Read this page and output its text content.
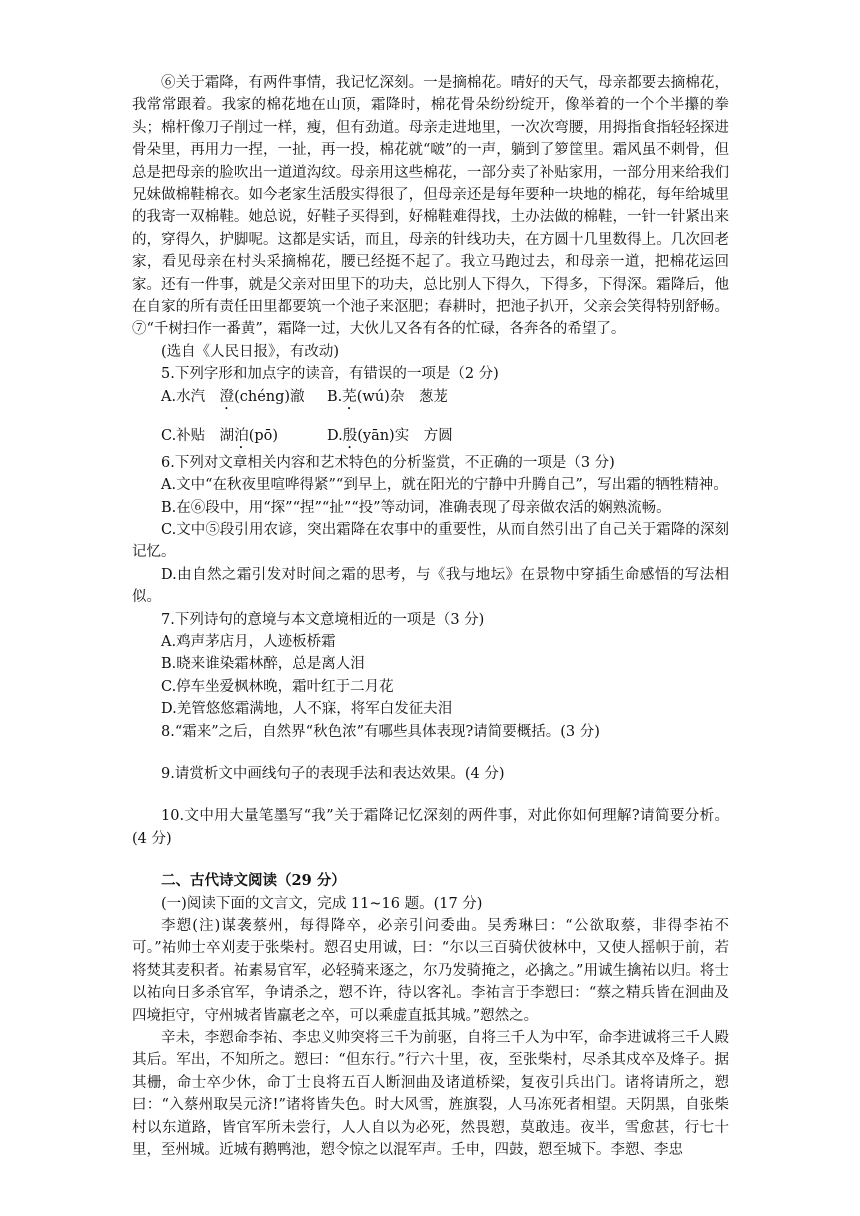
⑥关于霜降，有两件事情，我记忆深刻。一是摘棉花。晴好的天气，母亲都要去摘棉花，我常常跟着。我家的棉花地在山顶，霜降时，棉花骨朵纷纷绽开，像举着的一个个半攥的拳头；棉杆像刀子削过一样，瘦，但有劲道。母亲走进地里，一次次弯腰，用拇指食指轻轻探进骨朵里，再用力一捏，一扯，再一投，棉花就“啵”的一声，躺到了箩筐里。霜风虽不刺骨，但总是把母亲的脸吹出一道道沟纹。母亲用这些棉花，一部分卖了补贴家用，一部分用来给我们兄妹做棉鞋棉衣。如今老家生活殷实得很了，但母亲还是每年要种一块地的棉花，每年给城里的我寄一双棉鞋。她总说，好鞋子买得到，好棉鞋难得找，土办法做的棉鞋，一针一针紧出来的，穿得久，护脚呢。这都是实话，而且，母亲的针线功夫，在方圆十几里数得上。几次回老家，看见母亲在村头采摘棉花，腰已经挺不起了。我立马跑过去，和母亲一道，把棉花运回家。还有一件事，就是父亲对田里下的功夫，总比别人下得久，下得多，下得深。霜降后，他在自家的所有责任田里都要筑一个池子来沤肥；春耕时，把池子扒开，父亲会笑得特别舒畅。⑦“千树扫作一番黄”，霜降一过，大伙儿又各有各的忙碌，各奔各的希望了。

(选自《人民日报》，有改动)

5.下列字形和加点字的读音，有错误的一项是（2 分)

A.水汽　澄(chéng)澈	B.芜(wú)杂　葱茏
C.补贴　湖泊(pō)	D.殷(yān)实　方圆

6.下列对文章相关内容和艺术特色的分析鉴赏，不正确的一项是（3 分)

A.文中“在秋夜里喧哗得紧”“到早上，就在阳光的宁静中升腾自己”，写出霜的牺牲精神。

B.在⑥段中，用“探”“捏”“扯”“投”等动词，准确表现了母亲做农活的娴熟流畅。

C.文中⑤段引用农谚，突出霜降在农事中的重要性，从而自然引出了自己关于霜降的深刻记忆。

D.由自然之霜引发对时间之霜的思考，与《我与地坛》在景物中穿插生命感悟的写法相似。

7.下列诗句的意境与本文意境相近的一项是（3 分)

A.鸡声茅店月，人迹板桥霜

B.晓来谁染霜林醉，总是离人泪

C.停车坐爱枫林晚，霜叶红于二月花

D.羌管悠悠霜满地，人不寐，将军白发征夫泪

8.“霜来”之后，自然界“秋色浓”有哪些具体表现?请简要概括。(3 分)

9.请赏析文中画线句子的表现手法和表达效果。(4 分)

10.文中用大量笔墨写“我”关于霜降记忆深刻的两件事，对此你如何理解?请简要分析。(4 分)

二、古代诗文阅读（29 分）

(一)阅读下面的文言文，完成 11~16 题。(17 分)

李愬(注)谋袭蔡州，每得降卒，必亲引问委曲。吴秀琳曰：“公欲取蔡，非得李祐不可。”祐帅士卒刈麦于张柴村。愬召史用诚，曰：“尔以三百骑伏彼林中，又使人摇帜于前，若将焚其麦积者。祐素易官军，必轻骑来逐之，尔乃发骑掩之，必擒之。”用诚生擒祐以归。将士以祐向日多杀官军，争请杀之，愬不许，待以客礼。李祐言于李愬曰：“蔡之精兵皆在洄曲及四境拒守，守州城者皆羸老之卒，可以乘虚直抵其城。”愬然之。

辛未，李愬命李祐、李忠义帅突将三千为前驱，自将三千人为中军，命李进诚将三千人殿其后。军出，不知所之。愬曰：“但东行。”行六十里，夜，至张柴村，尽杀其戍卒及烽子。据其栅，命士卒少休，命丁士良将五百人断洄曲及诸道桥梁，复夜引兵出门。诸将请所之，愬曰：“入蔡州取吴元济!”诸将皆失色。时大风雪，旌旗裂，人马冻死者相望。天阴黑，自张柴村以东道路，皆官军所未尝行，人人自以为必死，然畏愬，莫敢违。夜半，雪愈甚，行七十里，至州城。近城有鹅鸭池，愬令惊之以混军声。壬申，四鼓，愬至城下。李愬、李忠
